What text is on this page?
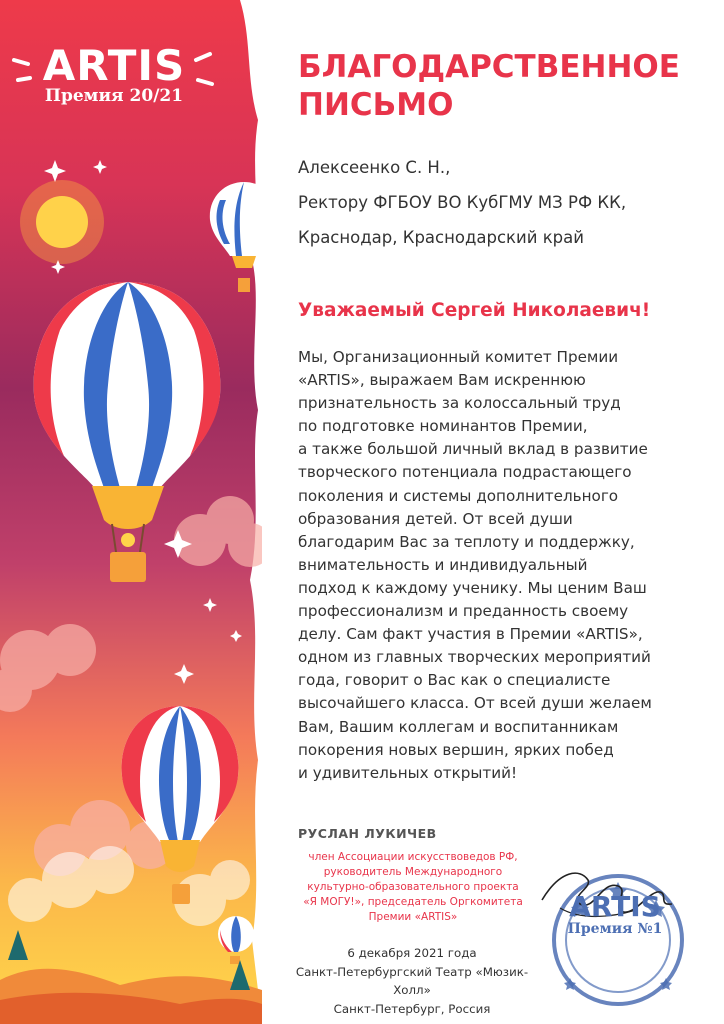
ARTIS
Премия 20/21
БЛАГОДАРСТВЕННОЕ
ПИСЬМО
Алексеенко С. Н.,
Ректору ФГБОУ ВО КубГМУ МЗ РФ КК,
Краснодар, Краснодарский край
Уважаемый Сергей Николаевич!
Мы, Организационный комитет Премии
«ARTIS», выражаем Вам искреннюю
признательность за колоссальный труд
по подготовке номинантов Премии,
а также большой личный вклад в развитие
творческого потенциала подрастающего
поколения и системы дополнительного
образования детей. От всей души
благодарим Вас за теплоту и поддержку,
внимательность и индивидуальный
подход к каждому ученику. Мы ценим Ваш
профессионализм и преданность своему
делу. Сам факт участия в Премии «ARTIS»,
одном из главных творческих мероприятий
года, говорит о Вас как о специалисте
высочайшего класса. От всей души желаем
Вам, Вашим коллегам и воспитанникам
покорения новых вершин, ярких побед
и удивительных открытий!
РУСЛАН ЛУКИЧЕВ
член Ассоциации искусствоведов РФ,
руководитель Международного
культурно-образовательного проекта
«Я МОГУ!», председатель Оргкомитета
Премии «ARTIS»
6 декабря 2021 года
Санкт-Петербургский Театр «Мюзик-Холл»
Санкт-Петербург, Россия
ARTIS
Премия №1
